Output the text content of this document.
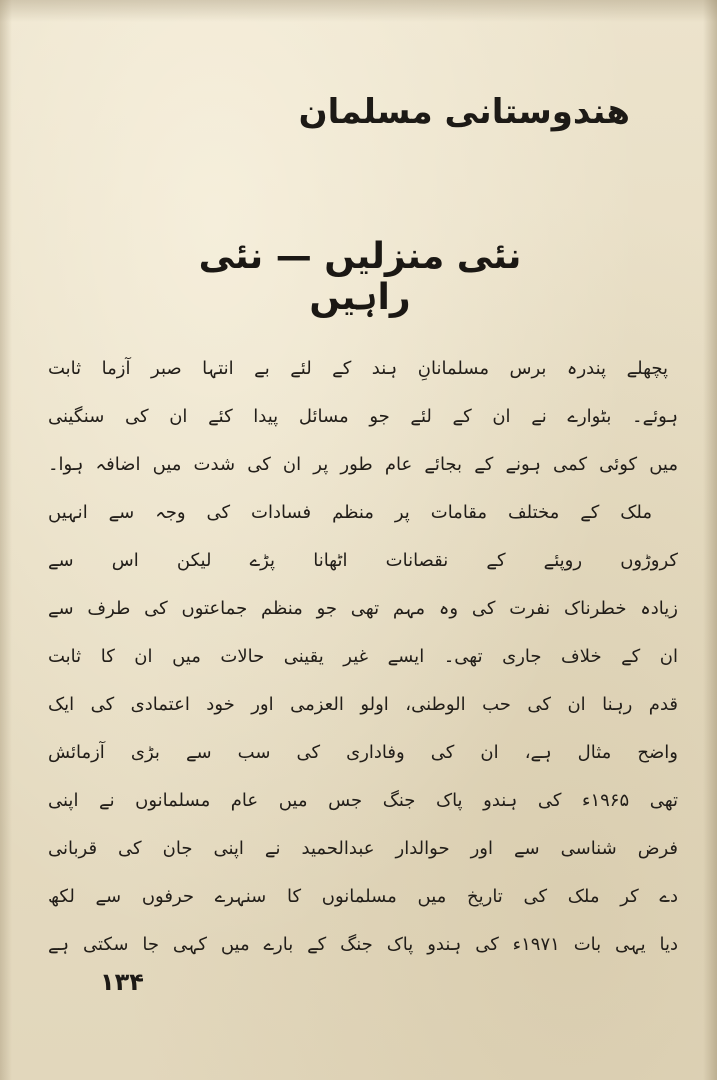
هندوستانی مسلمان
نئی منزلیں — نئی راہیں
پچھلے پندرہ برس مسلمانانِ ہند کے لئے بے انتہا صبر آزما ثابت
ہوئے۔ بٹوارے نے ان کے لئے جو مسائل پیدا کئے ان کی سنگینی
میں کوئی کمی ہونے کے بجائے عام طور پر ان کی شدت میں اضافہ ہوا۔
ملک کے مختلف مقامات پر منظم فسادات کی وجہ سے انہیں
کروڑوں روپئے کے نقصانات اٹھانا پڑے لیکن اس سے
زیادہ خطرناک نفرت کی وہ مہم تھی جو منظم جماعتوں کی طرف سے
ان کے خلاف جاری تھی۔ ایسے غیر یقینی حالات میں ان کا ثابت
قدم رہنا ان کی حب الوطنی، اولو العزمی اور خود اعتمادی کی ایک
واضح مثال ہے، ان کی وفاداری کی سب سے بڑی آزمائش
تھی ۱۹۶۵ء کی ہندو پاک جنگ جس میں عام مسلمانوں نے اپنی
فرض شناسی سے اور حوالدار عبدالحمید نے اپنی جان کی قربانی
دے کر ملک کی تاریخ میں مسلمانوں کا سنہرے حرفوں سے لکھ
دیا یہی بات ۱۹۷۱ء کی ہندو پاک جنگ کے بارے میں کہی جا سکتی ہے
۱۳۴
